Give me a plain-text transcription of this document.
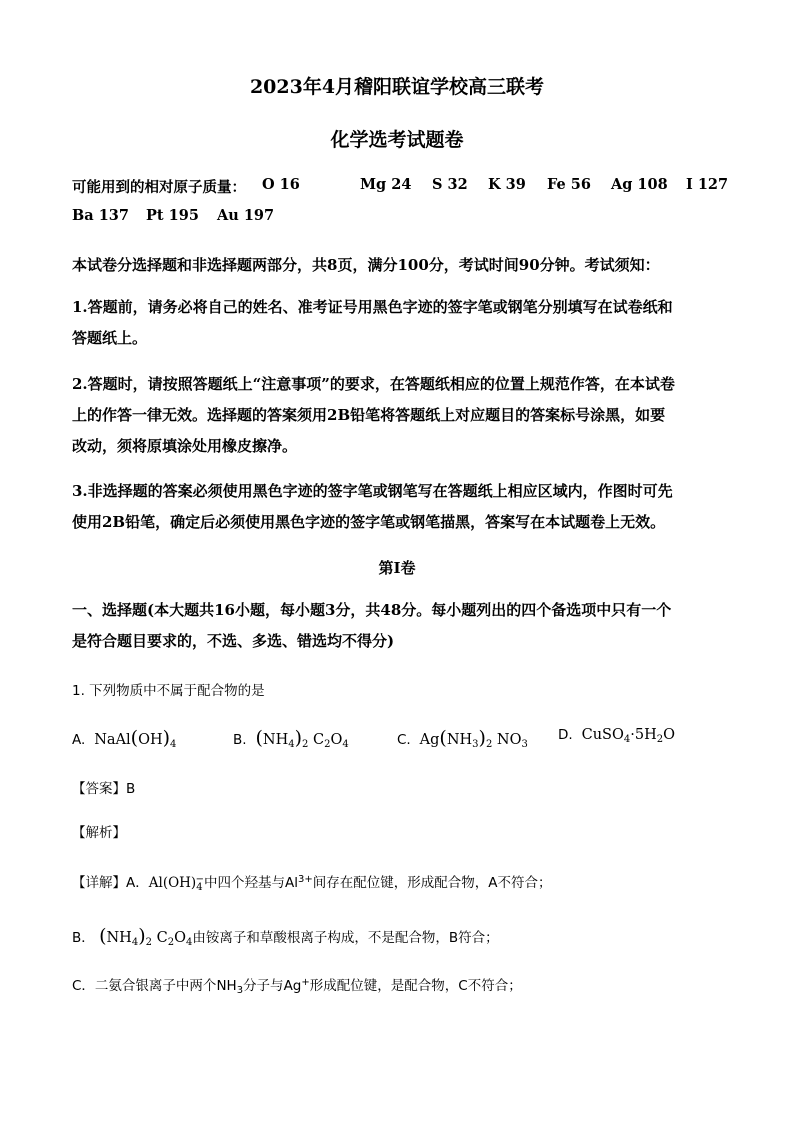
2023年4月稽阳联谊学校高三联考
化学选考试题卷
可能用到的相对原子质量： O 16	Mg 24 S 32 K 39 Fe 56 Ag 108 I 127
Ba 137 Pt 195 Au 197
本试卷分选择题和非选择题两部分，共8页，满分100分，考试时间90分钟。考试须知：
1.答题前，请务必将自己的姓名、准考证号用黑色字迹的签字笔或钢笔分别填写在试卷纸和
答题纸上。
2.答题时，请按照答题纸上“注意事项”的要求，在答题纸相应的位置上规范作答，在本试卷
上的作答一律无效。选择题的答案须用2B铅笔将答题纸上对应题目的答案标号涂黑，如要
改动，须将原填涂处用橡皮擦净。
3.非选择题的答案必须使用黑色字迹的签字笔或钢笔写在答题纸上相应区域内，作图时可先
使用2B铅笔，确定后必须使用黑色字迹的签字笔或钢笔描黑，答案写在本试题卷上无效。
第I卷
一、选择题(本大题共16小题，每小题3分，共48分。每小题列出的四个备选项中只有一个
是符合题目要求的，不选、多选、错选均不得分)
1. 下列物质中不属于配合物的是
A.  $NaAl(OH)_4$	B. $(NH_4)_2$ $C_2O_4$	C.  $Ag(NH_3)_2$ $NO_3$
D.  $CuSO_4\cdot 5H_2O$
【答案】B
【解析】
【详解】A．$Al(OH)_4^-$中四个羟基与$Al^{3+}$间存在配位键，形成配合物，A不符合；
B． $(NH_4)_2$ $C_2O_4$由铵离子和草酸根离子构成，不是配合物，B符合；
C．二氨合银离子中两个$NH_3$分子与Ag+形成配位键，是配合物，C不符合；
